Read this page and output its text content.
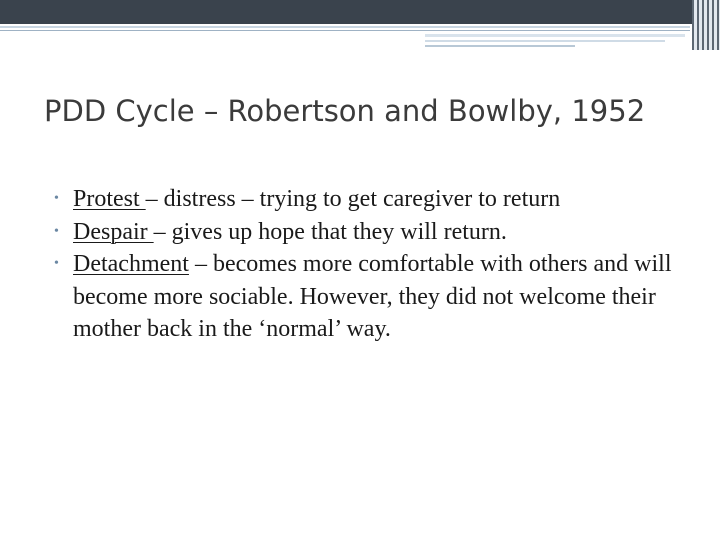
PDD Cycle – Robertson and Bowlby, 1952
• Protest – distress – trying to get caregiver to return
• Despair – gives up hope that they will return.
• Detachment – becomes more comfortable with others and will become more sociable. However, they did not welcome their mother back in the ‘normal’ way.
